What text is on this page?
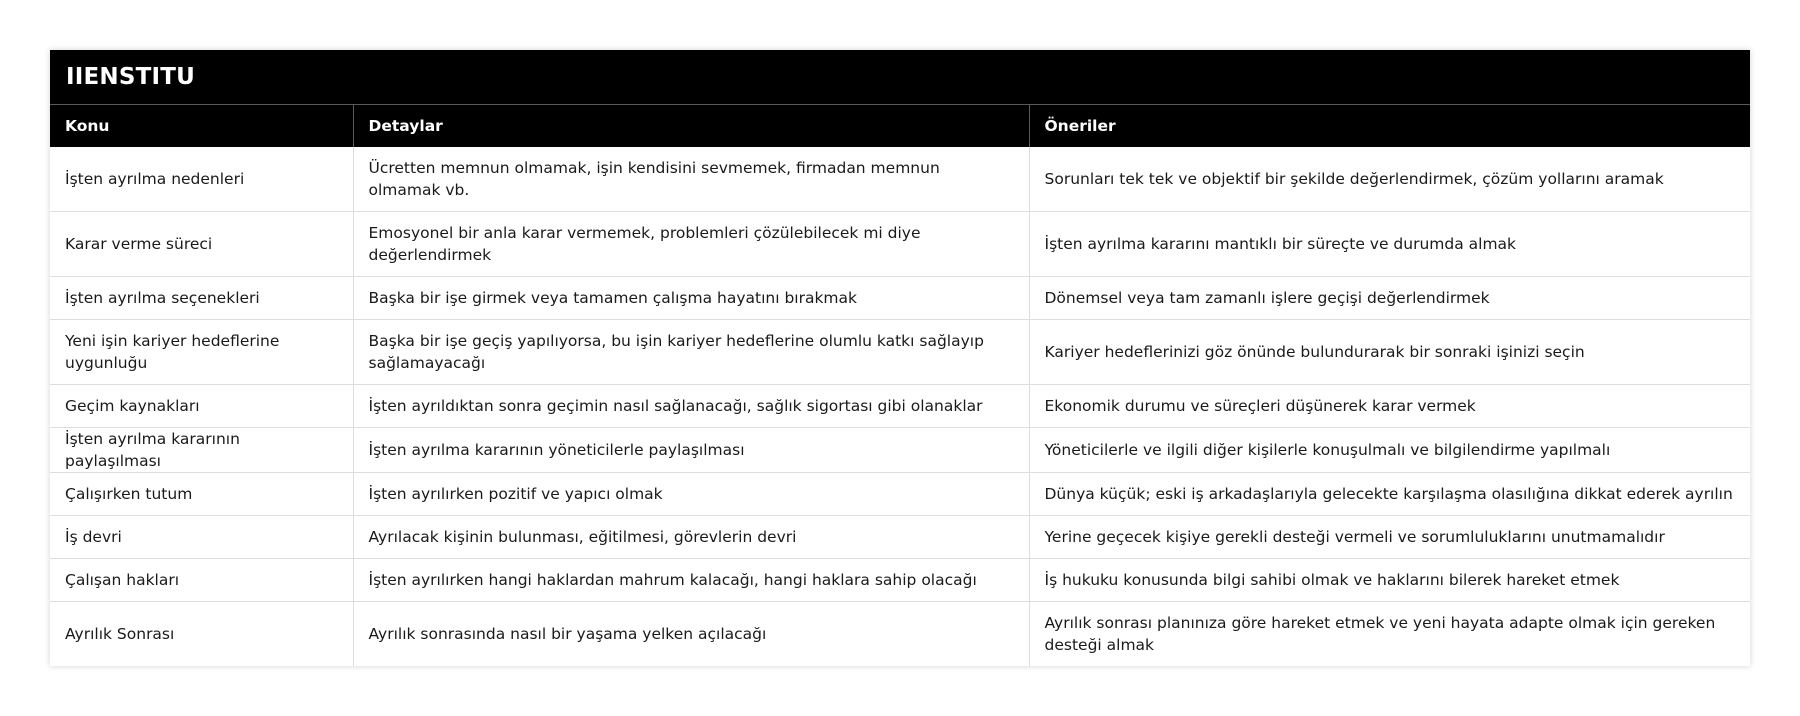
IIENSTITU
Konu	Detaylar	Öneriler
İşten ayrılma nedenleri	Ücretten memnun olmamak, işin kendisini sevmemek, firmadan memnun olmamak vb.	Sorunları tek tek ve objektif bir şekilde değerlendirmek, çözüm yollarını aramak
Karar verme süreci	Emosyonel bir anla karar vermemek, problemleri çözülebilecek mi diye değerlendirmek	İşten ayrılma kararını mantıklı bir süreçte ve durumda almak
İşten ayrılma seçenekleri	Başka bir işe girmek veya tamamen çalışma hayatını bırakmak	Dönemsel veya tam zamanlı işlere geçişi değerlendirmek
Yeni işin kariyer hedeflerine uygunluğu	Başka bir işe geçiş yapılıyorsa, bu işin kariyer hedeflerine olumlu katkı sağlayıp sağlamayacağı	Kariyer hedeflerinizi göz önünde bulundurarak bir sonraki işinizi seçin
Geçim kaynakları	İşten ayrıldıktan sonra geçimin nasıl sağlanacağı, sağlık sigortası gibi olanaklar	Ekonomik durumu ve süreçleri düşünerek karar vermek
İşten ayrılma kararının paylaşılması	İşten ayrılma kararının yöneticilerle paylaşılması	Yöneticilerle ve ilgili diğer kişilerle konuşulmalı ve bilgilendirme yapılmalı
Çalışırken tutum	İşten ayrılırken pozitif ve yapıcı olmak	Dünya küçük; eski iş arkadaşlarıyla gelecekte karşılaşma olasılığına dikkat ederek ayrılın
İş devri	Ayrılacak kişinin bulunması, eğitilmesi, görevlerin devri	Yerine geçecek kişiye gerekli desteği vermeli ve sorumluluklarını unutmamalıdır
Çalışan hakları	İşten ayrılırken hangi haklardan mahrum kalacağı, hangi haklara sahip olacağı	İş hukuku konusunda bilgi sahibi olmak ve haklarını bilerek hareket etmek
Ayrılık Sonrası	Ayrılık sonrasında nasıl bir yaşama yelken açılacağı	Ayrılık sonrası planınıza göre hareket etmek ve yeni hayata adapte olmak için gereken desteği almak
